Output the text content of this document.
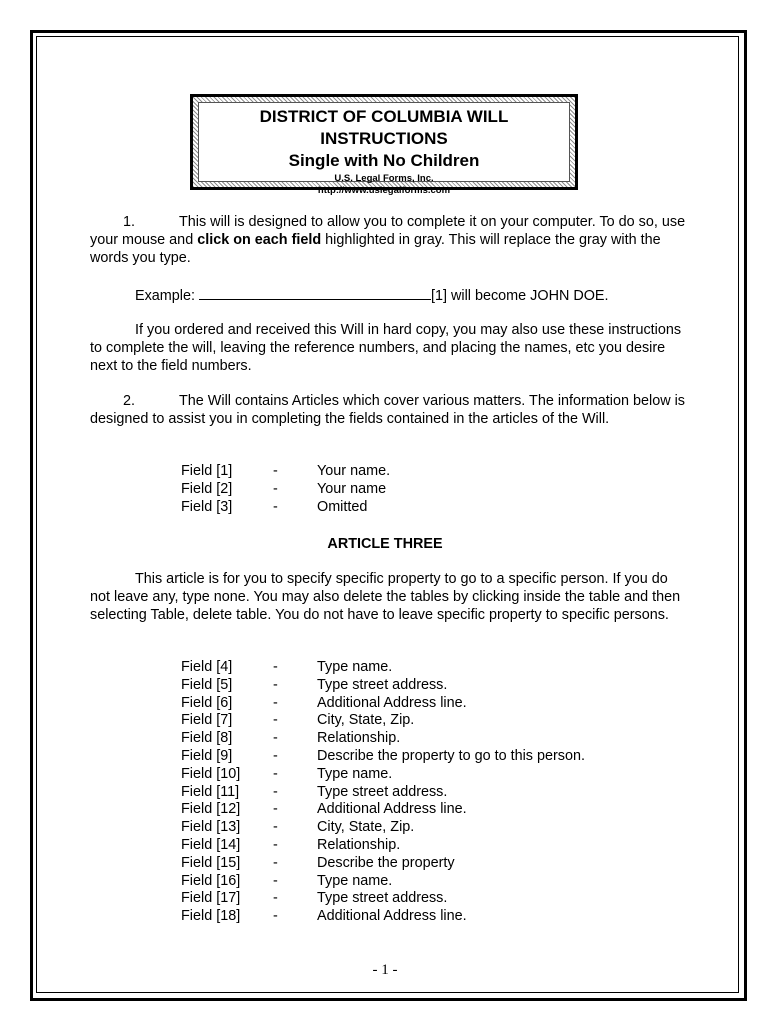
DISTRICT OF COLUMBIA WILL
INSTRUCTIONS
Single with No Children
U.S. Legal Forms, Inc.
http://www.uslegalforms.com
1.	This will is designed to allow you to complete it on your computer. To do so, use your mouse and click on each field highlighted in gray. This will replace the gray with the words you type.
Example:	[1] will become JOHN DOE.
If you ordered and received this Will in hard copy, you may also use these instructions to complete the will, leaving the reference numbers, and placing the names, etc you desire next to the field numbers.
2.	The Will contains Articles which cover various matters. The information below is designed to assist you in completing the fields contained in the articles of the Will.
Field [1]	-	Your name.
Field [2]	-	Your name
Field [3]	-	Omitted
ARTICLE THREE
This article is for you to specify specific property to go to a specific person. If you do not leave any, type none. You may also delete the tables by clicking inside the table and then selecting Table, delete table. You do not have to leave specific property to specific persons.
Field [4]	-	Type name.
Field [5]	-	Type street address.
Field [6]	-	Additional Address line.
Field [7]	-	City, State, Zip.
Field [8]	-	Relationship.
Field [9]	-	Describe the property to go to this person.
Field [10]	-	Type name.
Field [11]	-	Type street address.
Field [12]	-	Additional Address line.
Field [13]	-	City, State, Zip.
Field [14]	-	Relationship.
Field [15]	-	Describe the property
Field [16]	-	Type name.
Field [17]	-	Type street address.
Field [18]	-	Additional Address line.
- 1 -
